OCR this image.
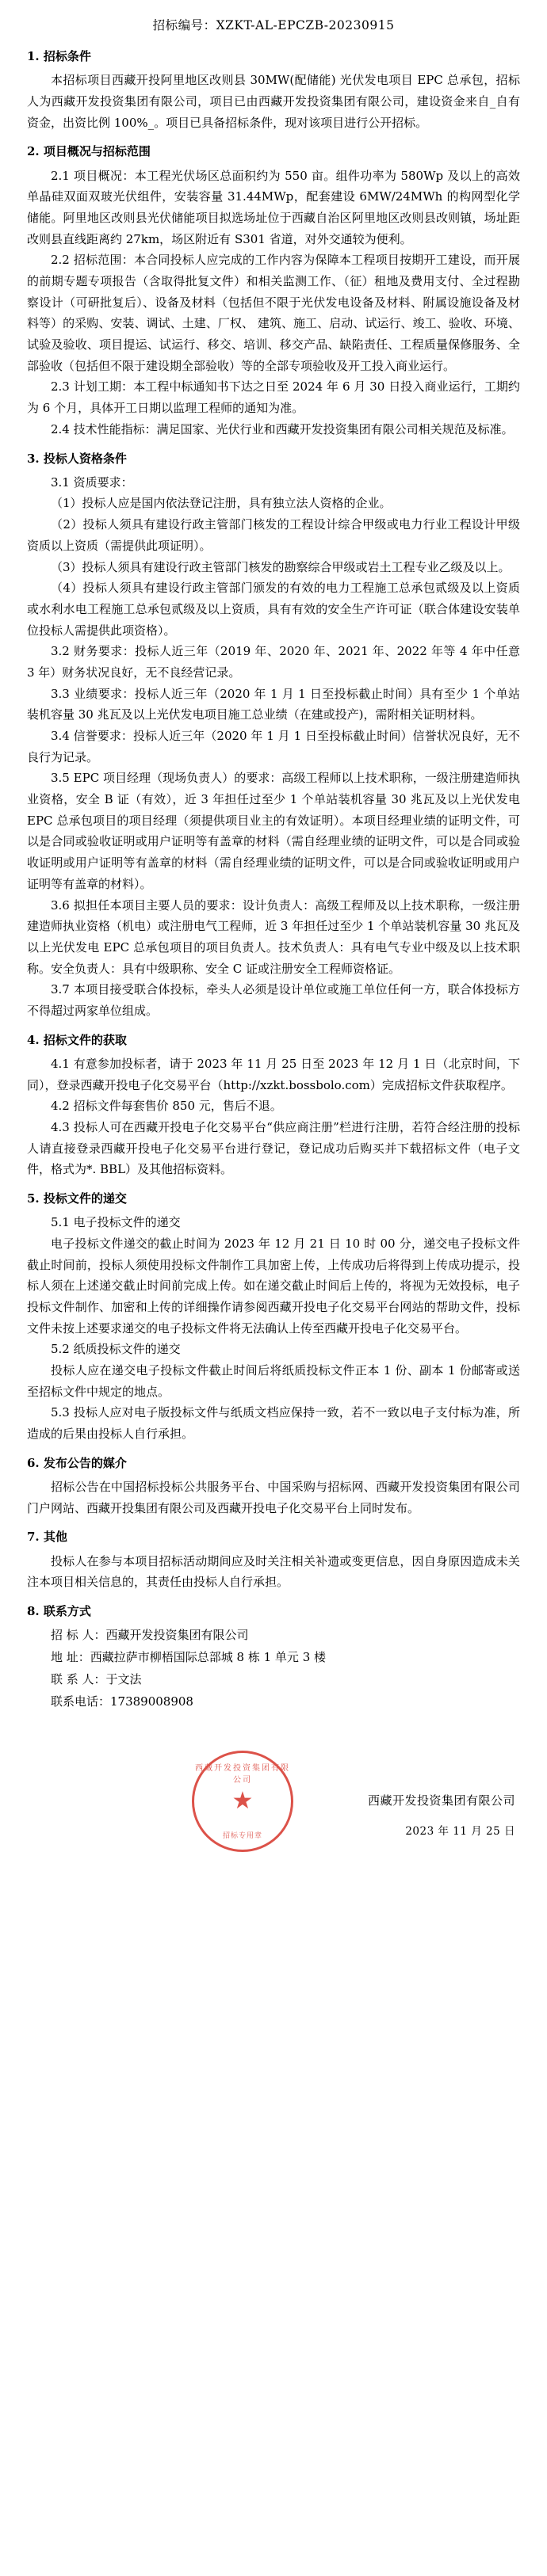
招标编号：XZKT-AL-EPCZB-20230915
1. 招标条件

本招标项目西藏开投阿里地区改则县 30MW(配储能) 光伏发电项目 EPC 总承包，招标人为西藏开发投资集团有限公司，项目已由西藏开发投资集团有限公司，建设资金来自_自有资金，出资比例 100%_。项目已具备招标条件，现对该项目进行公开招标。

2. 项目概况与招标范围

2.1 项目概况：本工程光伏场区总面积约为 550 亩。组件功率为 580Wp 及以上的高效单晶硅双面双玻光伏组件，安装容量 31.44MWp，配套建设 6MW/24MWh 的构网型化学储能。阿里地区改则县光伏储能项目拟选场址位于西藏自治区阿里地区改则县改则镇，场址距改则县直线距离约 27km，场区附近有 S301 省道，对外交通较为便利。

2.2 招标范围：本合同投标人应完成的工作内容为保障本工程项目按期开工建设，而开展的前期专题专项报告（含取得批复文件）和相关监测工作、（征）租地及费用支付、全过程勘察设计（可研批复后）、设备及材料（包括但不限于光伏发电设备及材料、附属设施设备及材料等）的采购、安装、调试、土建、厂权、 建筑、施工、启动、试运行、竣工、验收、环境、试验及验收、项目提运、试运行、移交、培训、移交产品、缺陷责任、工程质量保修服务、全部验收（包括但不限于建设期全部验收）等的全部专项验收及开工投入商业运行。

2.3 计划工期：本工程中标通知书下达之日至 2024 年 6 月 30 日投入商业运行，工期约为 6 个月，具体开工日期以监理工程师的通知为准。

2.4 技术性能指标：满足国家、光伏行业和西藏开发投资集团有限公司相关规范及标准。

3. 投标人资格条件

3.1 资质要求：

（1）投标人应是国内依法登记注册，具有独立法人资格的企业。

（2）投标人须具有建设行政主管部门核发的工程设计综合甲级或电力行业工程设计甲级资质以上资质（需提供此项证明）。

（3）投标人须具有建设行政主管部门核发的勘察综合甲级或岩土工程专业乙级及以上。

（4）投标人须具有建设行政主管部门颁发的有效的电力工程施工总承包贰级及以上资质或水利水电工程施工总承包贰级及以上资质，具有有效的安全生产许可证（联合体建设安装单位投标人需提供此项资格）。

3.2 财务要求：投标人近三年（2019 年、2020 年、2021 年、2022 年等 4 年中任意 3 年）财务状况良好，无不良经营记录。

3.3 业绩要求：投标人近三年（2020 年 1 月 1 日至投标截止时间）具有至少 1 个单站装机容量 30 兆瓦及以上光伏发电项目施工总业绩（在建或投产)，需附相关证明材料。

3.4 信誉要求：投标人近三年（2020 年 1 月 1 日至投标截止时间）信誉状况良好，无不良行为记录。

3.5 EPC 项目经理（现场负责人）的要求：高级工程师以上技术职称，一级注册建造师执业资格，安全 B 证（有效），近 3 年担任过至少 1 个单站装机容量 30 兆瓦及以上光伏发电 EPC 总承包项目的项目经理（须提供项目业主的有效证明）。本项目经理业绩的证明文件，可以是合同或验收证明或用户证明等有盖章的材料（需自经理业绩的证明文件，可以是合同或验收证明或用户证明等有盖章的材料（需自经理业绩的证明文件，可以是合同或验收证明或用户证明等有盖章的材料）。

3.6 拟担任本项目主要人员的要求：设计负责人：高级工程师及以上技术职称，一级注册建造师执业资格（机电）或注册电气工程师，近 3 年担任过至少 1 个单站装机容量 30 兆瓦及以上光伏发电 EPC 总承包项目的项目负责人。技术负责人：具有电气专业中级及以上技术职称。安全负责人：具有中级职称、安全 C 证或注册安全工程师资格证。

3.7 本项目接受联合体投标，牵头人必须是设计单位或施工单位任何一方，联合体投标方不得超过两家单位组成。

4. 招标文件的获取

4.1 有意参加投标者，请于 2023 年 11 月 25 日至 2023 年 12 月 1 日（北京时间，下同），登录西藏开投电子化交易平台（http://xzkt.bossbolo.com）完成招标文件获取程序。

4.2 招标文件每套售价 850 元，售后不退。

4.3 投标人可在西藏开投电子化交易平台“供应商注册”栏进行注册，若符合经注册的投标人请直接登录西藏开投电子化交易平台进行登记，登记成功后购买并下载招标文件（电子文件，格式为*. BBL）及其他招标资料。

5. 投标文件的递交

5.1 电子投标文件的递交

电子投标文件递交的截止时间为 2023 年 12 月 21 日 10 时 00 分，递交电子投标文件截止时间前，投标人须使用投标文件制作工具加密上传，上传成功后将得到上传成功提示，投标人须在上述递交截止时间前完成上传。如在递交截止时间后上传的，将视为无效投标，电子投标文件制作、加密和上传的详细操作请参阅西藏开投电子化交易平台网站的帮助文件，投标文件未按上述要求递交的电子投标文件将无法确认上传至西藏开投电子化交易平台。

5.2 纸质投标文件的递交

投标人应在递交电子投标文件截止时间后将纸质投标文件正本 1 份、副本 1 份邮寄或送至招标文件中规定的地点。

5.3 投标人应对电子版投标文件与纸质文档应保持一致，若不一致以电子支付标为准，所造成的后果由投标人自行承担。

6. 发布公告的媒介

招标公告在中国招标投标公共服务平台、中国采购与招标网、西藏开发投资集团有限公司门户网站、西藏开投集团有限公司及西藏开投电子化交易平台上同时发布。

7. 其他

投标人在参与本项目招标活动期间应及时关注相关补遗或变更信息，因自身原因造成未关注本项目相关信息的，其责任由投标人自行承担。

8. 联系方式

招 标 人：西藏开发投资集团有限公司

地 址：西藏拉萨市柳梧国际总部城 8 栋 1 单元 3 楼

联 系 人：于文法

联系电话：17389008908

西藏开发投资集团有限公司
★
招标专用章
西藏开发投资集团有限公司
2023 年 11 月 25 日
